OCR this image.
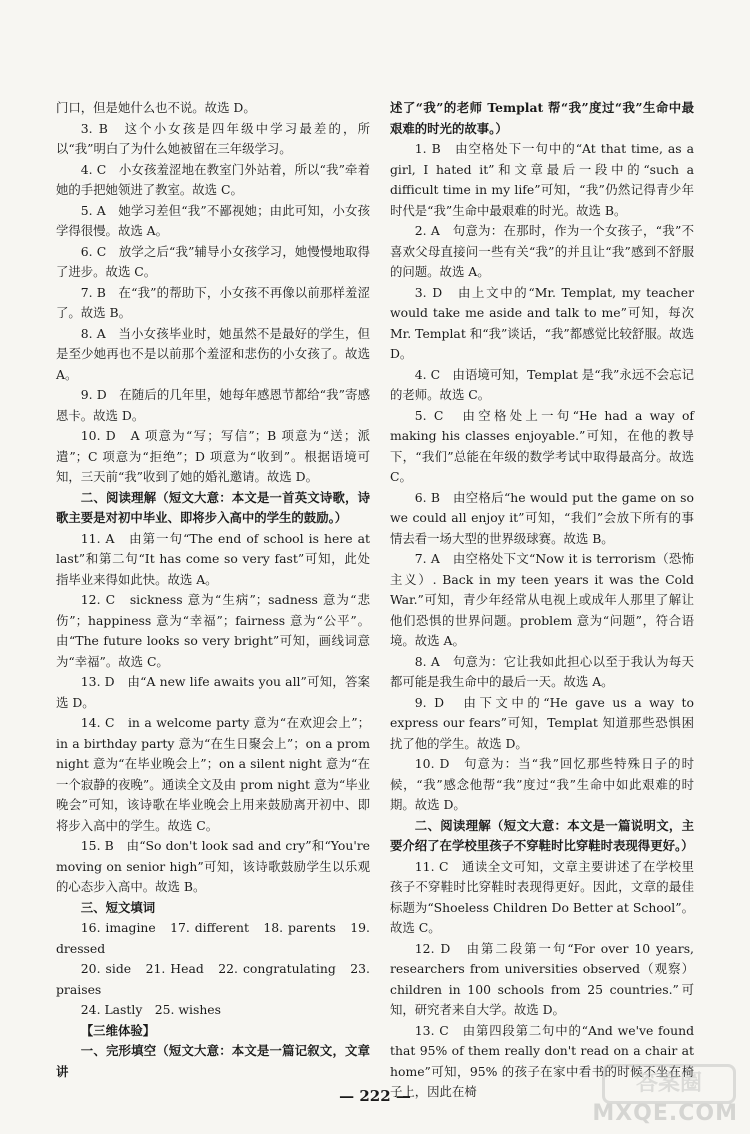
门口，但是她什么也不说。故选 D。

3. B　这个小女孩是四年级中学习最差的，所以“我”明白了为什么她被留在三年级学习。

4. C　小女孩羞涩地在教室门外站着，所以“我”牵着她的手把她领进了教室。故选 C。

5. A　她学习差但“我”不鄙视她；由此可知，小女孩学得很慢。故选 A。

6. C　放学之后“我”辅导小女孩学习，她慢慢地取得了进步。故选 C。

7. B　在“我”的帮助下，小女孩不再像以前那样羞涩了。故选 B。

8. A　当小女孩毕业时，她虽然不是最好的学生，但是至少她再也不是以前那个羞涩和悲伤的小女孩了。故选 A。

9. D　在随后的几年里，她每年感恩节都给“我”寄感恩卡。故选 D。

10. D　A 项意为“写；写信”；B 项意为“送；派遣”；C 项意为“拒绝”；D 项意为“收到”。根据语境可知，三天前“我”收到了她的婚礼邀请。故选 D。

二、阅读理解（短文大意：本文是一首英文诗歌，诗歌主要是对初中毕业、即将步入高中的学生的鼓励。）

11. A　由第一句“The end of school is here at last”和第二句“It has come so very fast”可知，此处指毕业来得如此快。故选 A。

12. C　sickness 意为“生病”；sadness 意为“悲伤”；happiness 意为“幸福”；fairness 意为“公平”。由“The future looks so very bright”可知，画线词意为“幸福”。故选 C。

13. D　由“A new life awaits you all”可知，答案选 D。

14. C　in a welcome party 意为“在欢迎会上”；in a birthday party 意为“在生日聚会上”；on a prom night 意为“在毕业晚会上”；on a silent night 意为“在一个寂静的夜晚”。通读全文及由 prom night 意为“毕业晚会”可知，该诗歌在毕业晚会上用来鼓励离开初中、即将步入高中的学生。故选 C。

15. B　由“So don't look sad and cry”和“You're moving on senior high”可知，该诗歌鼓励学生以乐观的心态步入高中。故选 B。

三、短文填词

16. imagine　17. different　18. parents　19. dressed

20. side　21. Head　22. congratulating　23. praises

24. Lastly　25. wishes

【三维体验】

一、完形填空（短文大意：本文是一篇记叙文，文章讲

述了“我”的老师 Templat 帮“我”度过“我”生命中最艰难的时光的故事。）

1. B　由空格处下一句中的“At that time, as a girl, I hated it”和文章最后一段中的“such a difficult time in my life”可知，“我”仍然记得青少年时代是“我”生命中最艰难的时光。故选 B。

2. A　句意为：在那时，作为一个女孩子，“我”不喜欢父母直接问一些有关“我”的并且让“我”感到不舒服的问题。故选 A。

3. D　由上文中的“Mr. Templat, my teacher would take me aside and talk to me”可知，每次 Mr. Templat 和“我”谈话，“我”都感觉比较舒服。故选 D。

4. C　由语境可知，Templat 是“我”永远不会忘记的老师。故选 C。

5. C　由空格处上一句“He had a way of making his classes enjoyable.”可知，在他的教导下，“我们”总能在年级的数学考试中取得最高分。故选 C。

6. B　由空格后“he would put the game on so we could all enjoy it”可知，“我们”会放下所有的事情去看一场大型的世界级球赛。故选 B。

7. A　由空格处下文“Now it is terrorism（恐怖主义）. Back in my teen years it was the Cold War.”可知，青少年经常从电视上或成年人那里了解让他们恐惧的世界问题。problem 意为“问题”，符合语境。故选 A。

8. A　句意为：它让我如此担心以至于我认为每天都可能是我生命中的最后一天。故选 A。

9. D　由下文中的“He gave us a way to express our fears”可知，Templat 知道那些恐惧困扰了他的学生。故选 D。

10. D　句意为：当“我”回忆那些特殊日子的时候，“我”感念他帮“我”度过“我”生命中如此艰难的时期。故选 D。

二、阅读理解（短文大意：本文是一篇说明文，主要介绍了在学校里孩子不穿鞋时比穿鞋时表现得更好。）

11. C　通读全文可知，文章主要讲述了在学校里孩子不穿鞋时比穿鞋时表现得更好。因此，文章的最佳标题为“Shoeless Children Do Better at School”。故选 C。

12. D　由第二段第一句“For over 10 years, researchers from universities observed（观察） children in 100 schools from 25 countries.”可知，研究者来自大学。故选 D。

13. C　由第四段第二句中的“And we've found that 95% of them really don't read on a chair at home”可知，95% 的孩子在家中看书的时候不坐在椅子上，因此在椅

— 222 —	答案圈
MXQE.COM
